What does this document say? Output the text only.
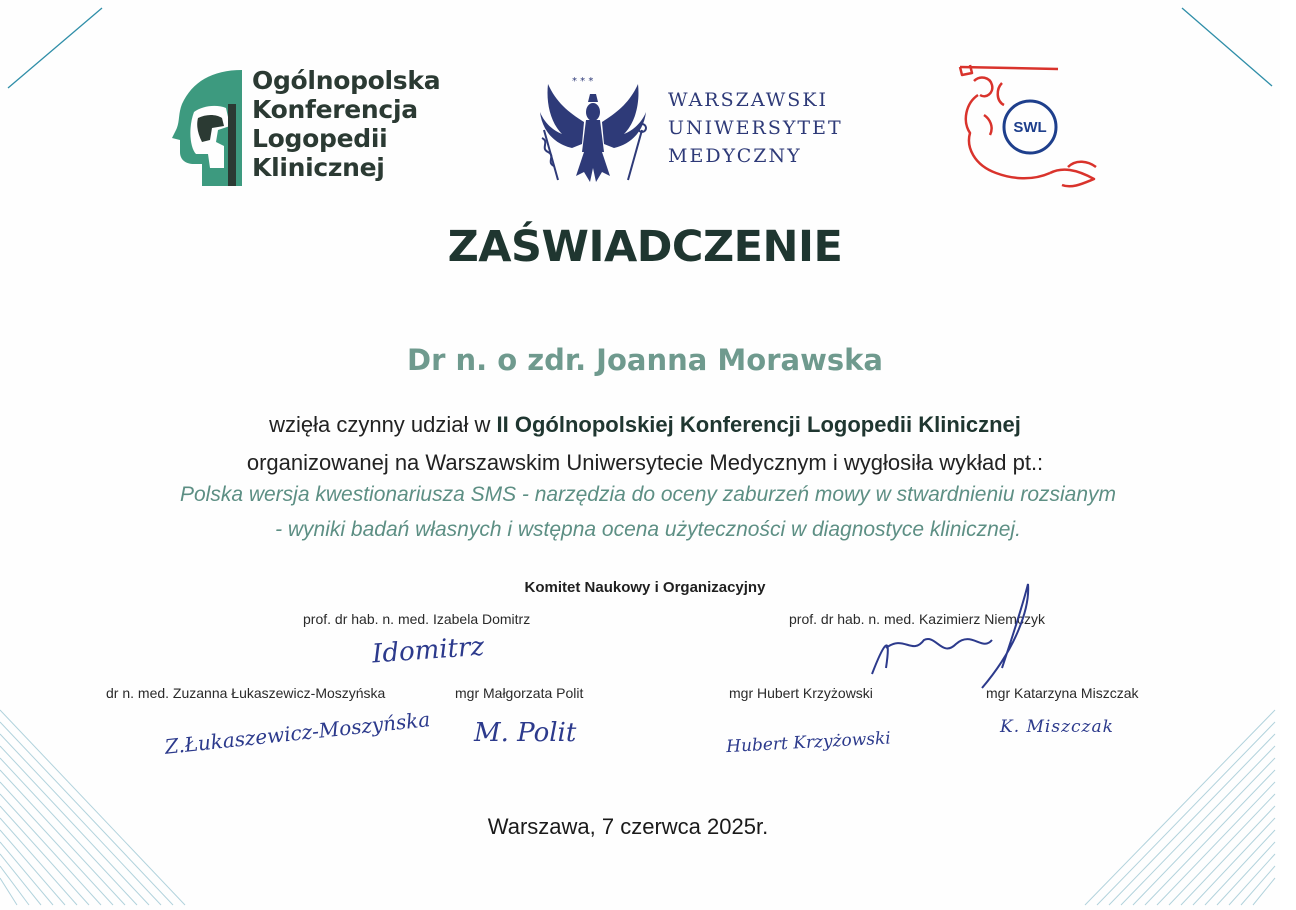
Ogólnopolska
Konferencja
Logopedii
Klinicznej
* * *
WARSZAWSKI
UNIWERSYTET
MEDYCZNY
SWL
ZAŚWIADCZENIE
Dr n. o zdr. Joanna Morawska
wzięła czynny udział w II Ogólnopolskiej Konferencji Logopedii Klinicznej
organizowanej na Warszawskim Uniwersytecie Medycznym i wygłosiła wykład pt.:
Polska wersja kwestionariusza SMS - narzędzia do oceny zaburzeń mowy w stwardnieniu rozsianym
- wyniki badań własnych i wstępna ocena użyteczności w diagnostyce klinicznej.
Komitet Naukowy i Organizacyjny
prof. dr hab. n. med. Izabela Domitrz	prof. dr hab. n. med. Kazimierz Niemczyk
dr n. med. Zuzanna Łukaszewicz-Moszyńska	mgr Małgorzata Polit	mgr Hubert Krzyżowski	mgr Katarzyna Miszczak
Idomitrz
Z.Łukaszewicz-Moszyńska M. Polit	Hubert Krzyżowski
K. Miszczak
Warszawa, 7 czerwca 2025r.
